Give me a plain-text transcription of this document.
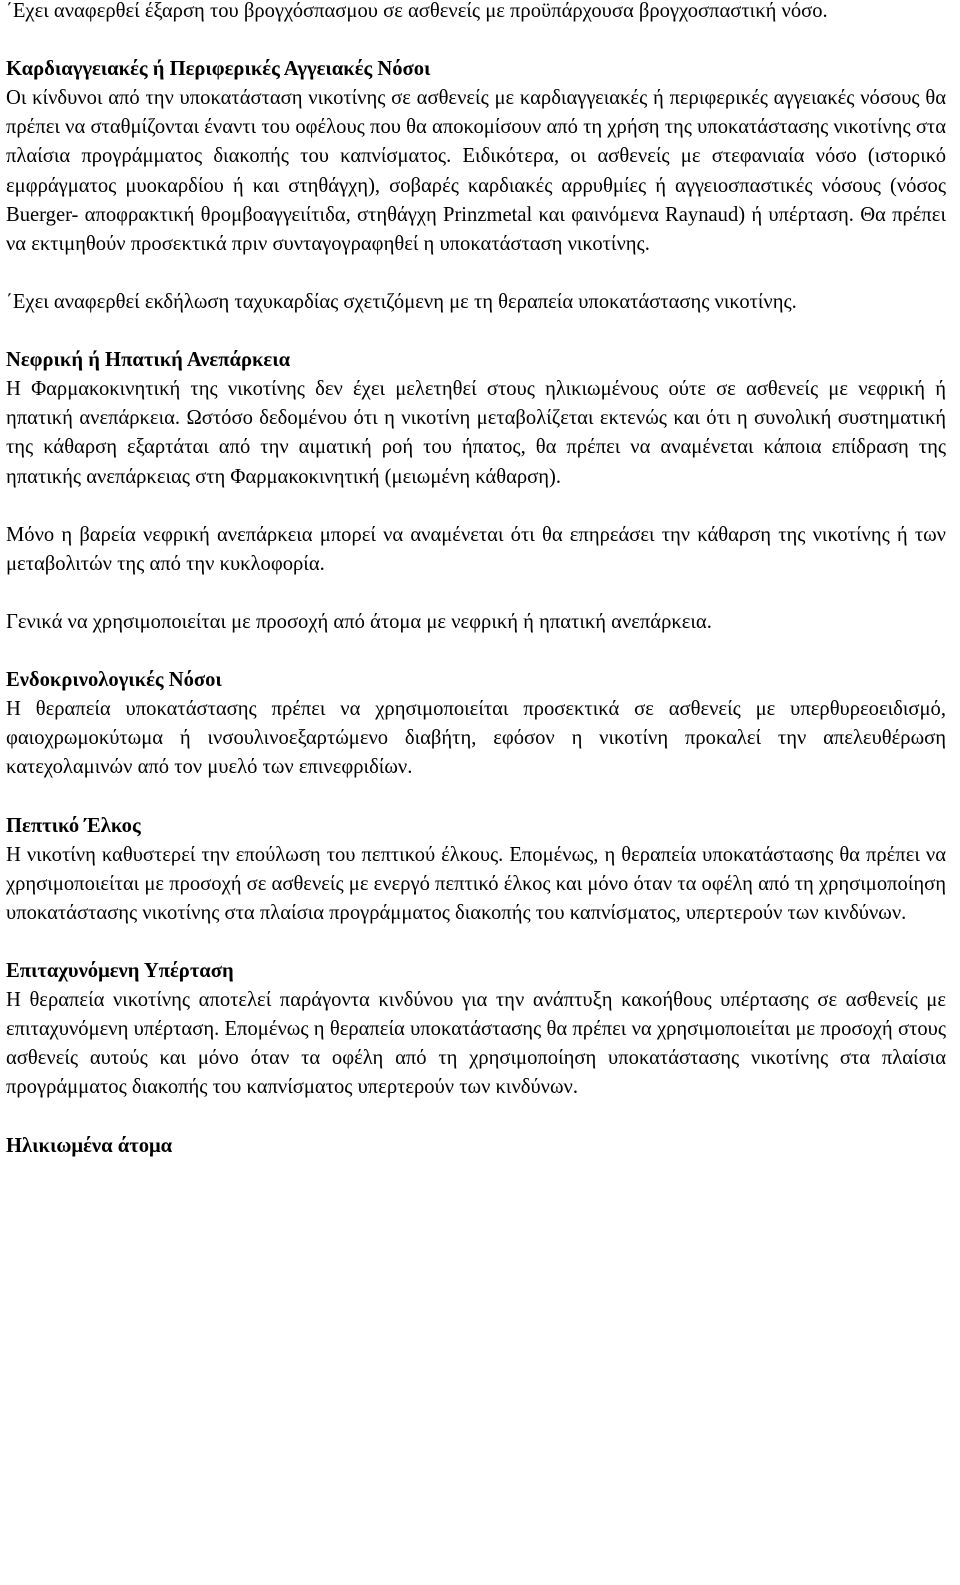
΄Εχει αναφερθεί έξαρση του βρογχόσπασμου σε ασθενείς με προϋπάρχουσα βρογχοσπαστική νόσο.

Καρδιαγγειακές ή Περιφερικές Αγγειακές Νόσοι

Οι κίνδυνοι από την υποκατάσταση νικοτίνης σε ασθενείς με καρδιαγγειακές ή περιφερικές αγγειακές νόσους θα πρέπει να σταθμίζονται έναντι του οφέλους που θα αποκομίσουν από τη χρήση της υποκατάστασης νικοτίνης στα πλαίσια προγράμματος διακοπής του καπνίσματος. Ειδικότερα, οι ασθενείς με στεφανιαία νόσο (ιστορικό εμφράγματος μυοκαρδίου ή και στηθάγχη), σοβαρές καρδιακές αρρυθμίες ή αγγειοσπαστικές νόσους (νόσος Buerger- αποφρακτική θρομβοαγγειίτιδα, στηθάγχη Prinzmetal και φαινόμενα Raynaud) ή υπέρταση. Θα πρέπει να εκτιμηθούν προσεκτικά πριν συνταγογραφηθεί η υποκατάσταση νικοτίνης.

΄Εχει αναφερθεί εκδήλωση ταχυκαρδίας σχετιζόμενη με τη θεραπεία υποκατάστασης νικοτίνης.

Νεφρική ή Ηπατική Ανεπάρκεια

Η Φαρμακοκινητική της νικοτίνης δεν έχει μελετηθεί στους ηλικιωμένους ούτε σε ασθενείς με νεφρική ή ηπατική ανεπάρκεια. Ωστόσο δεδομένου ότι η νικοτίνη μεταβολίζεται εκτενώς και ότι η συνολική συστηματική της κάθαρση εξαρτάται από την αιματική ροή του ήπατος, θα πρέπει να αναμένεται κάποια επίδραση της ηπατικής ανεπάρκειας στη Φαρμακοκινητική (μειωμένη κάθαρση).

Μόνο η βαρεία νεφρική ανεπάρκεια μπορεί να αναμένεται ότι θα επηρεάσει την κάθαρση της νικοτίνης ή των μεταβολιτών της από την κυκλοφορία.

Γενικά να χρησιμοποιείται με προσοχή από άτομα με νεφρική ή ηπατική ανεπάρκεια.

Ενδοκρινολογικές Νόσοι

Η θεραπεία υποκατάστασης πρέπει να χρησιμοποιείται προσεκτικά σε ασθενείς με υπερθυρεοειδισμό, φαιοχρωμοκύτωμα ή ινσουλινοεξαρτώμενο διαβήτη, εφόσον η νικοτίνη προκαλεί την απελευθέρωση κατεχολαμινών από τον μυελό των επινεφριδίων.

Πεπτικό Έλκος

Η νικοτίνη καθυστερεί την επούλωση του πεπτικού έλκους. Επομένως, η θεραπεία υποκατάστασης θα πρέπει να χρησιμοποιείται με προσοχή σε ασθενείς με ενεργό πεπτικό έλκος και μόνο όταν τα οφέλη από τη χρησιμοποίηση υποκατάστασης νικοτίνης στα πλαίσια προγράμματος διακοπής του καπνίσματος, υπερτερούν των κινδύνων.

Επιταχυνόμενη Υπέρταση

Η θεραπεία νικοτίνης αποτελεί παράγοντα κινδύνου για την ανάπτυξη κακοήθους υπέρτασης σε ασθενείς με επιταχυνόμενη υπέρταση. Επομένως η θεραπεία υποκατάστασης θα πρέπει να χρησιμοποιείται με προσοχή στους ασθενείς αυτούς και μόνο όταν τα οφέλη από τη χρησιμοποίηση υποκατάστασης νικοτίνης στα πλαίσια προγράμματος διακοπής του καπνίσματος υπερτερούν των κινδύνων.

Ηλικιωμένα άτομα
